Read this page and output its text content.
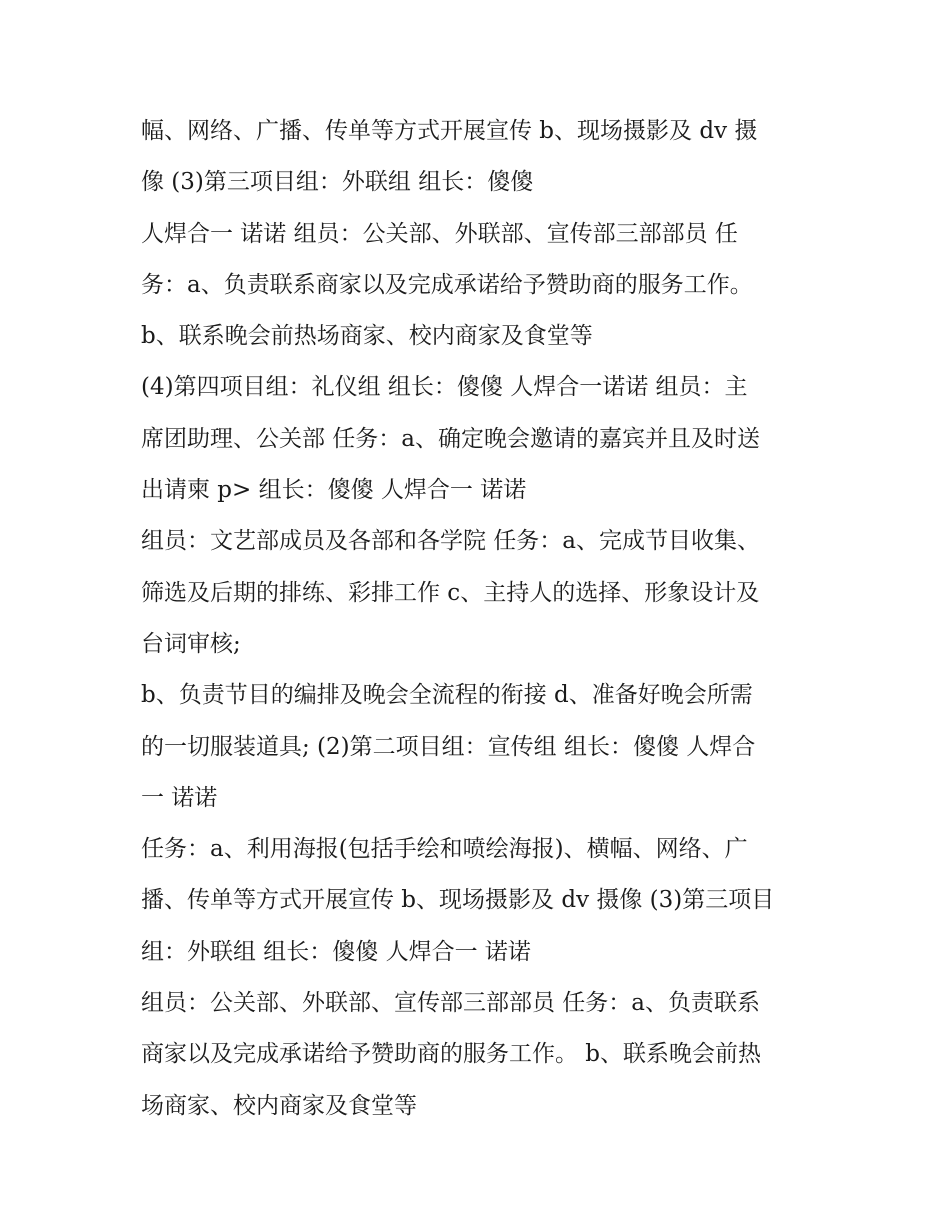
幅、网络、广播、传单等方式开展宣传 b、现场摄影及 dv 摄
像 (3)第三项目组：外联组 组长：傻傻
人焊合一 诺诺 组员：公关部、外联部、宣传部三部部员 任
务：a、负责联系商家以及完成承诺给予赞助商的服务工作。
b、联系晚会前热场商家、校内商家及食堂等
(4)第四项目组：礼仪组 组长：傻傻 人焊合一诺诺 组员：主
席团助理、公关部 任务：a、确定晚会邀请的嘉宾并且及时送
出请柬 p> 组长：傻傻 人焊合一 诺诺
组员：文艺部成员及各部和各学院 任务：a、完成节目收集、
筛选及后期的排练、彩排工作 c、主持人的选择、形象设计及
台词审核;
b、负责节目的编排及晚会全流程的衔接 d、准备好晚会所需
的一切服装道具; (2)第二项目组：宣传组 组长：傻傻 人焊合
一 诺诺
任务：a、利用海报(包括手绘和喷绘海报)、横幅、网络、广
播、传单等方式开展宣传 b、现场摄影及 dv 摄像 (3)第三项目
组：外联组 组长：傻傻 人焊合一 诺诺
组员：公关部、外联部、宣传部三部部员 任务：a、负责联系
商家以及完成承诺给予赞助商的服务工作。 b、联系晚会前热
场商家、校内商家及食堂等
